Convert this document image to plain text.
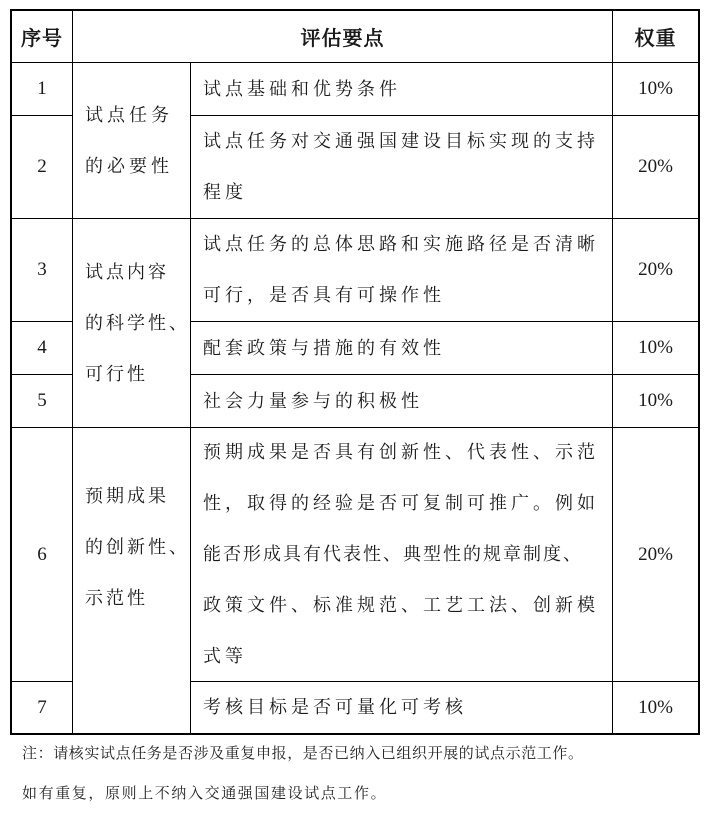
序号	评估要点	权重
1
2
3
4
5
6
7
试点任务
的必要性
试点内容
的科学性、
可行性
预期成果
的创新性、
示范性
试点基础和优势条件
试点任务对交通强国建设目标实现的支持
程度
试点任务的总体思路和实施路径是否清晰
可行，是否具有可操作性
配套政策与措施的有效性
社会力量参与的积极性
预期成果是否具有创新性、代表性、示范
性，取得的经验是否可复制可推广。例如
能否形成具有代表性、典型性的规章制度、
政策文件、标准规范、工艺工法、创新模
式等
考核目标是否可量化可考核
10%
20%
20%
10%
10%
20%
10%
注：请核实试点任务是否涉及重复申报，是否已纳入已组织开展的试点示范工作。
如有重复，原则上不纳入交通强国建设试点工作。
